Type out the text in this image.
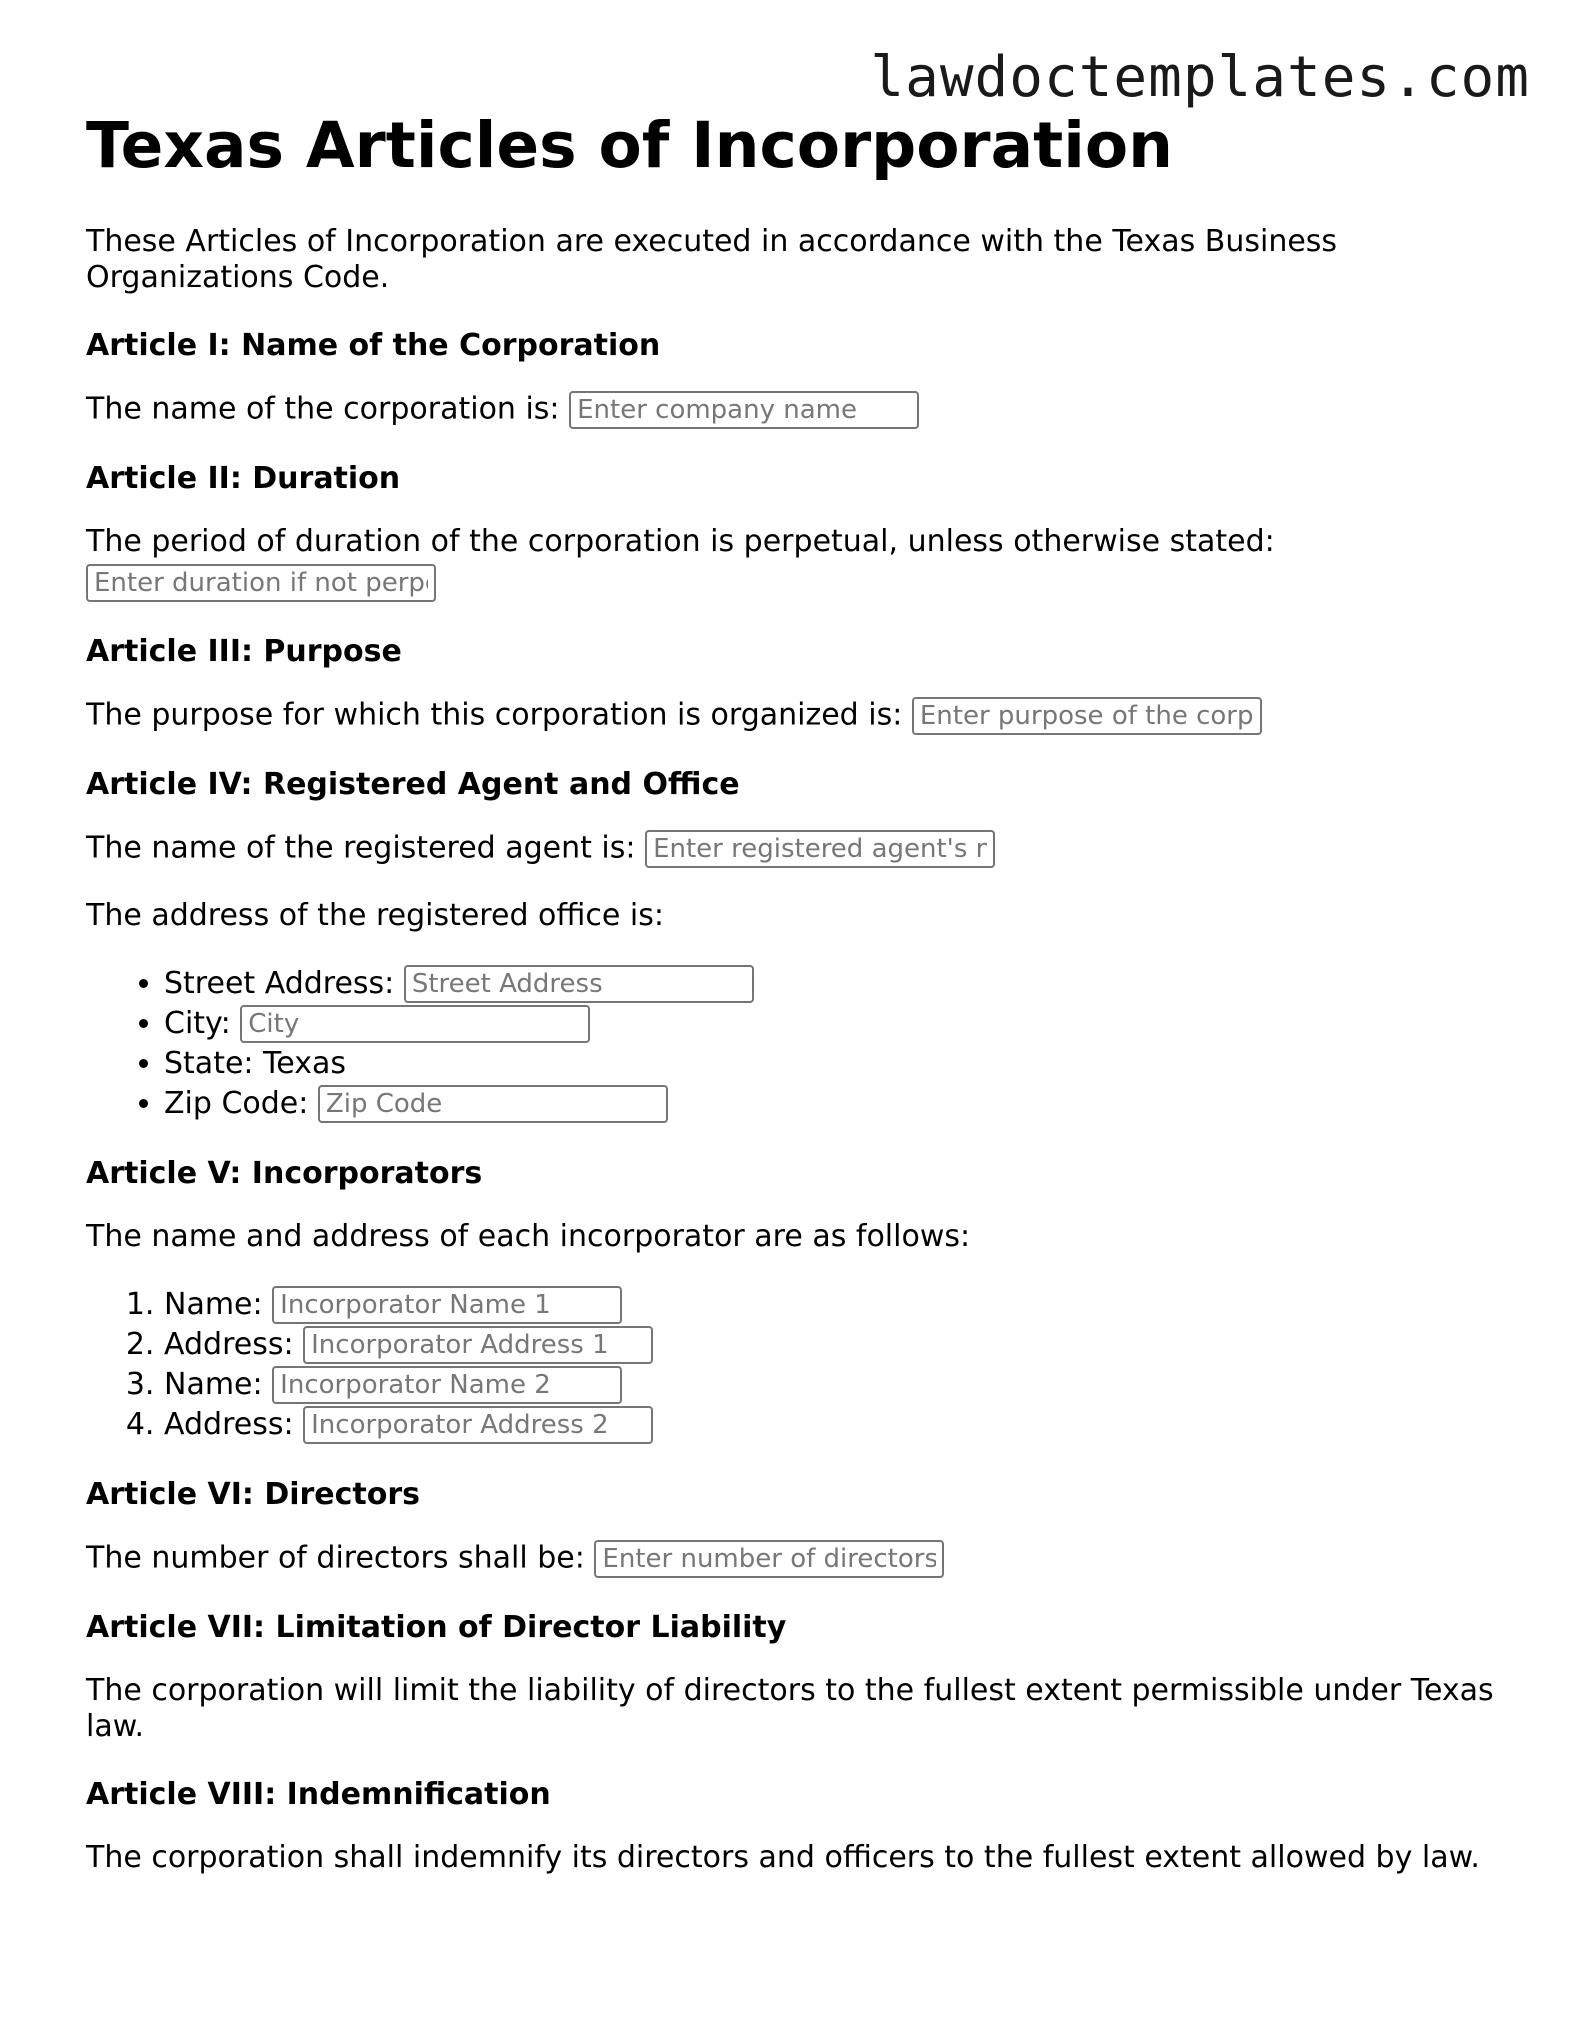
lawdoctemplates.com
Texas Articles of Incorporation

These Articles of Incorporation are executed in accordance with the Texas Business Organizations Code.

Article I: Name of the Corporation

The name of the corporation is: Enter company name

Article II: Duration

The period of duration of the corporation is perpetual, unless otherwise stated:
Enter duration if not perpetual

Article III: Purpose

The purpose for which this corporation is organized is: Enter purpose of the corporation

Article IV: Registered Agent and Office

The name of the registered agent is: Enter registered agent's name

The address of the registered office is:

• Street Address: Street Address
• City: City
• State: Texas
• Zip Code: Zip Code
Article V: Incorporators

The name and address of each incorporator are as follows:

1. Name: Incorporator Name 1
2. Address: Incorporator Address 1
3. Name: Incorporator Name 2
4. Address: Incorporator Address 2
Article VI: Directors

The number of directors shall be: Enter number of directors

Article VII: Limitation of Director Liability

The corporation will limit the liability of directors to the fullest extent permissible under Texas law.

Article VIII: Indemnification

The corporation shall indemnify its directors and officers to the fullest extent allowed by law.
